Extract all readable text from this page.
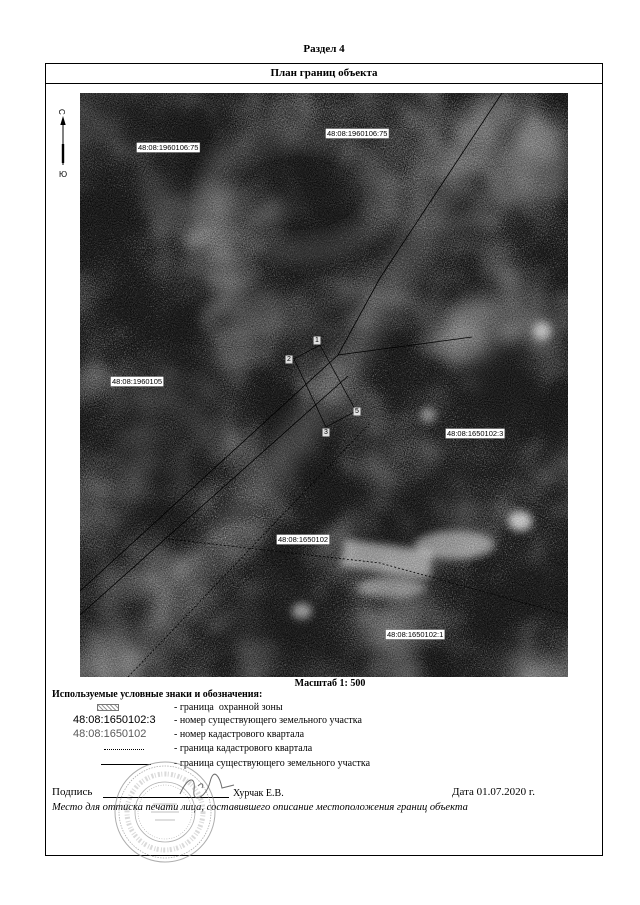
Раздел 4
План границ объекта
С
Ю
48:08:1960106:75
48:08:1960106:75
48:08:1960105
48:08:1650102:3
48:08:1650102
48:08:1650102:1
1
2
5
3
Масштаб 1: 500
Используемые условные знаки и обозначения:
- граница  охранной зоны
48:08:1650102:3 - номер существующего земельного участка
48:08:1650102	- номер кадастрового квартала
- граница кадастрового квартала
- граница существующего земельного участка
Подпись	Хурчак Е.В.	Дата 01.07.2020 г.
Место для оттиска печати лица, составившего описание местоположения границ объекта
